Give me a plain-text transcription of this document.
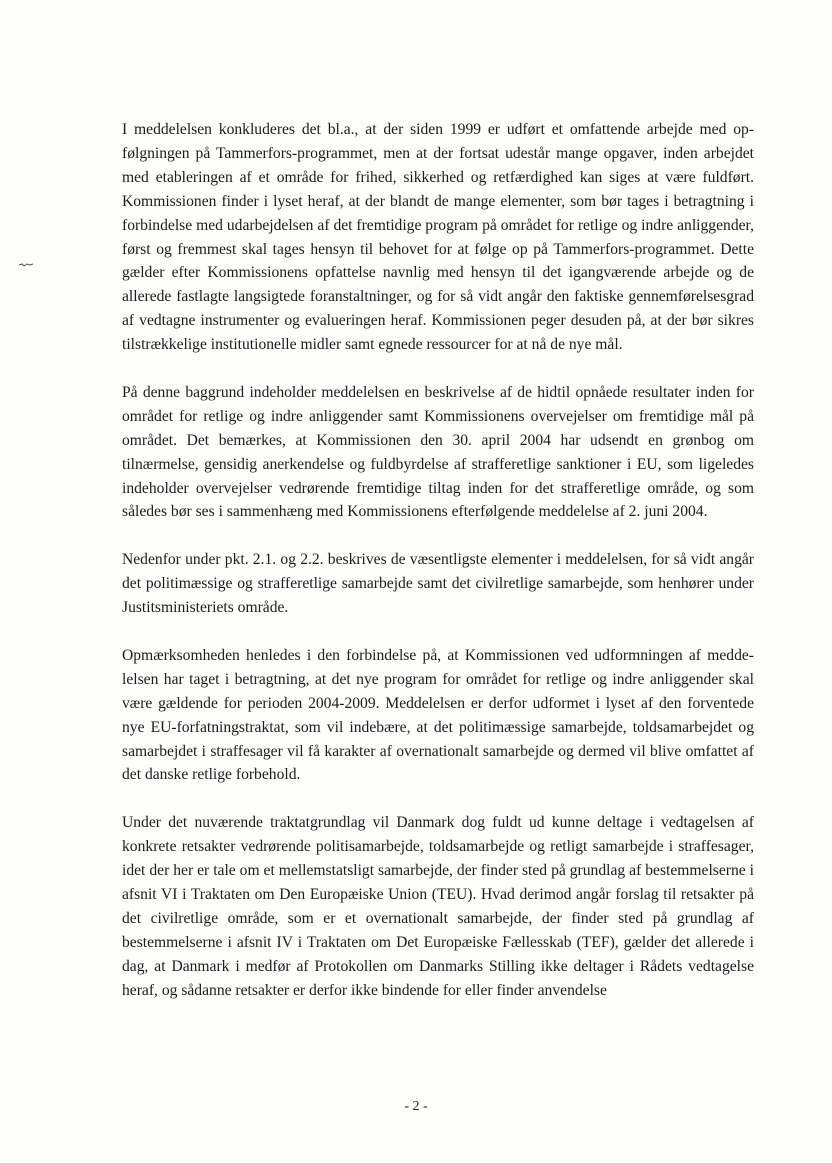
I meddelelsen konkluderes det bl.a., at der siden 1999 er udført et omfattende arbejde med opfølgningen på Tammerfors-programmet, men at der fortsat udestår mange opgaver, inden arbejdet med etableringen af et område for frihed, sikkerhed og retfærdighed kan siges at være fuldført. Kommissionen finder i lyset heraf, at der blandt de mange elementer, som bør tages i betragtning i forbindelse med udarbejdelsen af det fremtidige program på området for retlige og indre anliggender, først og fremmest skal tages hensyn til behovet for at følge op på Tammerfors-programmet. Dette gælder efter Kommissionens opfattelse navnlig med hensyn til det igangværende arbejde og de allerede fastlagte langsigtede foranstaltninger, og for så vidt angår den faktiske gennemførelsesgrad af vedtagne instrumenter og evalueringen heraf. Kommissionen peger desuden på, at der bør sikres tilstrækkelige institutionelle midler samt egnede ressourcer for at nå de nye mål.

På denne baggrund indeholder meddelelsen en beskrivelse af de hidtil opnåede resultater inden for området for retlige og indre anliggender samt Kommissionens overvejelser om fremtidige mål på området. Det bemærkes, at Kommissionen den 30. april 2004 har udsendt en grønbog om tilnærmelse, gensidig anerkendelse og fuldbyrdelse af strafferetlige sanktioner i EU, som ligeledes indeholder overvejelser vedrørende fremtidige tiltag inden for det strafferetlige område, og som således bør ses i sammenhæng med Kommissionens efterfølgende meddelelse af 2. juni 2004.

Nedenfor under pkt. 2.1. og 2.2. beskrives de væsentligste elementer i meddelelsen, for så vidt angår det politimæssige og strafferetlige samarbejde samt det civilretlige samarbejde, som henhører under Justitsministeriets område.

Opmærksomheden henledes i den forbindelse på, at Kommissionen ved udformningen af meddelelsen har taget i betragtning, at det nye program for området for retlige og indre anliggender skal være gældende for perioden 2004-2009. Meddelelsen er derfor udformet i lyset af den forventede nye EU-forfatningstraktat, som vil indebære, at det politimæssige samarbejde, toldsamarbejdet og samarbejdet i straffesager vil få karakter af overnationalt samarbejde og dermed vil blive omfattet af det danske retlige forbehold.

Under det nuværende traktatgrundlag vil Danmark dog fuldt ud kunne deltage i vedtagelsen af konkrete retsakter vedrørende politisamarbejde, toldsamarbejde og retligt samarbejde i straffesager, idet der her er tale om et mellemstatsligt samarbejde, der finder sted på grundlag af bestemmelserne i afsnit VI i Traktaten om Den Europæiske Union (TEU). Hvad derimod angår forslag til retsakter på det civilretlige område, som er et overnationalt samarbejde, der finder sted på grundlag af bestemmelserne i afsnit IV i Traktaten om Det Europæiske Fællesskab (TEF), gælder det allerede i dag, at Danmark i medfør af Protokollen om Danmarks Stilling ikke deltager i Rådets vedtagelse heraf, og sådanne retsakter er derfor ikke bindende for eller finder anvendelse

- 2 -
